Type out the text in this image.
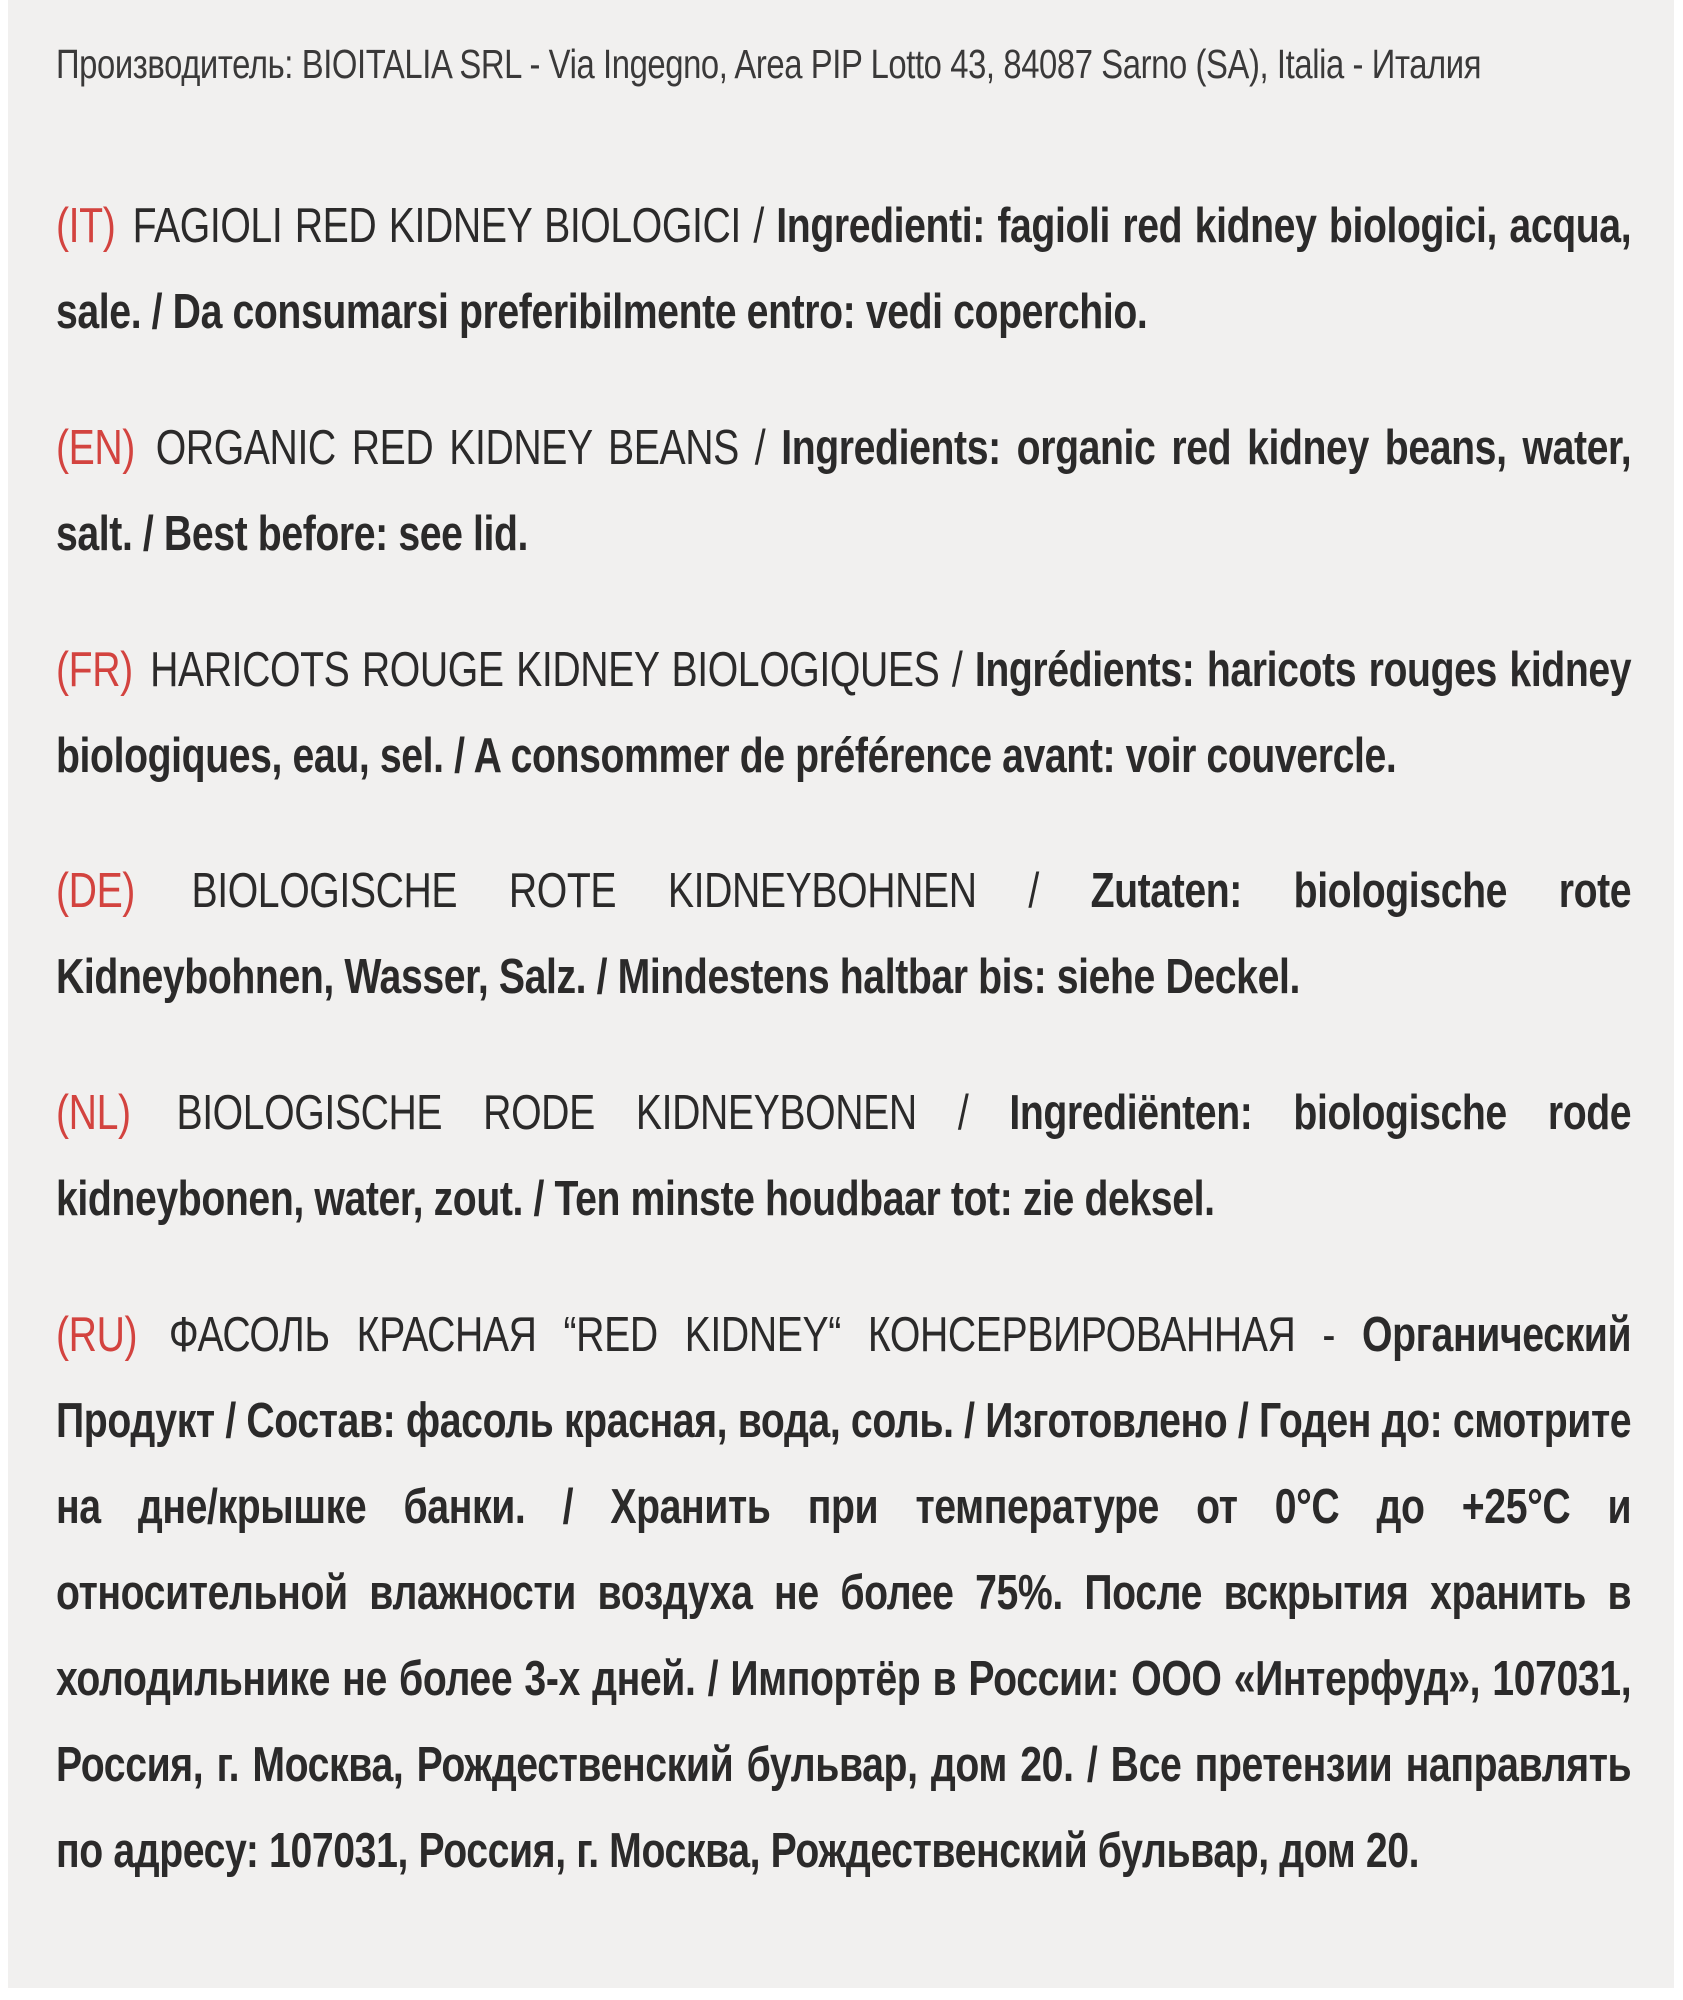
Производитель: BIOITALIA SRL - Via Ingegno, Area PIP Lotto 43, 84087 Sarno (SA), Italia - Италия

(IT) FAGIOLI RED KIDNEY BIOLOGICI / Ingredienti: fagioli red kidney biologici, acqua, sale. / Da consumarsi preferibilmente entro: vedi coperchio.

(EN) ORGANIC RED KIDNEY BEANS / Ingredients: organic red kidney beans, water, salt. / Best before: see lid.

(FR) HARICOTS ROUGE KIDNEY BIOLOGIQUES / Ingrédients: haricots rouges kidney biologiques, eau, sel. / A consommer de préférence avant: voir couvercle.

(DE) BIOLOGISCHE ROTE KIDNEYBOHNEN / Zutaten: biologische rote Kidneybohnen, Wasser, Salz. / Mindestens haltbar bis: siehe Deckel.

(NL) BIOLOGISCHE RODE KIDNEYBONEN / Ingrediënten: biologische rode kidneybonen, water, zout. / Ten minste houdbaar tot: zie deksel.

(RU) ФАСОЛЬ КРАСНАЯ “RED KIDNEY“ КОНСЕРВИРОВАННАЯ - Органический Продукт / Состав: фасоль красная, вода, соль. / Изготовлено / Годен до: смотрите на дне/крышке банки. / Хранить при температуре от 0°C до +25°C и относительной влажности воздуха не более 75%. После вскрытия хранить в холодильнике не более 3-х дней. / Импортёр в России: ООО «Интерфуд», 107031, Россия, г. Москва, Рождественский бульвар, дом 20. / Все претензии направлять по адресу: 107031, Россия, г. Москва, Рождественский бульвар, дом 20.
